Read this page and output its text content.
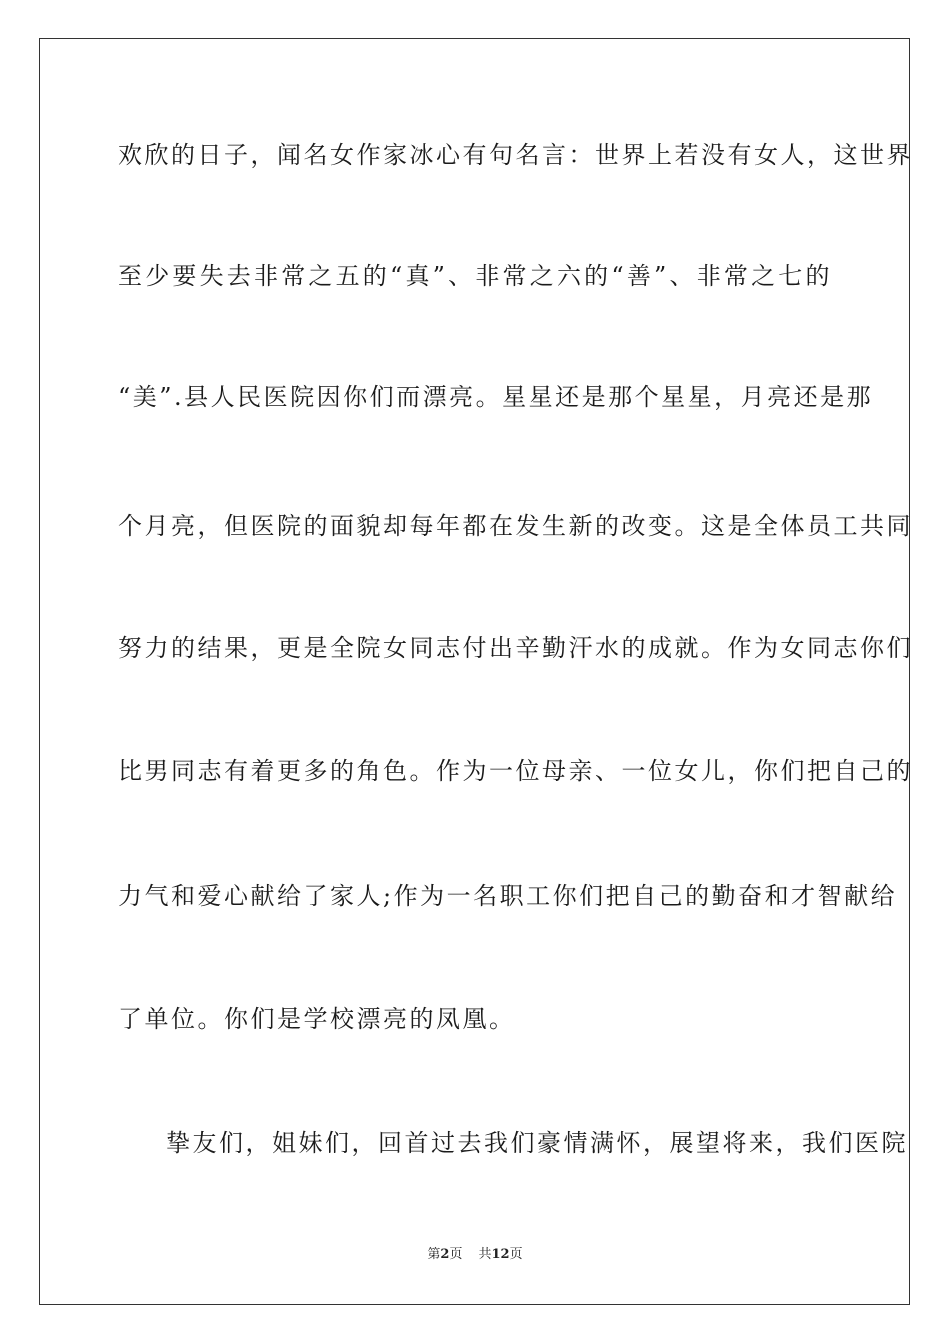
欢欣的日子，闻名女作家冰心有句名言：世界上若没有女人，这世界
至少要失去非常之五的“真”、非常之六的“善”、非常之七的
“美”.县人民医院因你们而漂亮。星星还是那个星星，月亮还是那
个月亮，但医院的面貌却每年都在发生新的改变。这是全体员工共同
努力的结果，更是全院女同志付出辛勤汗水的成就。作为女同志你们
比男同志有着更多的角色。作为一位母亲、一位女儿，你们把自己的
力气和爱心献给了家人;作为一名职工你们把自己的勤奋和才智献给
了单位。你们是学校漂亮的凤凰。
挚友们，姐妹们，回首过去我们豪情满怀，展望将来，我们医院
第2页 共12页
